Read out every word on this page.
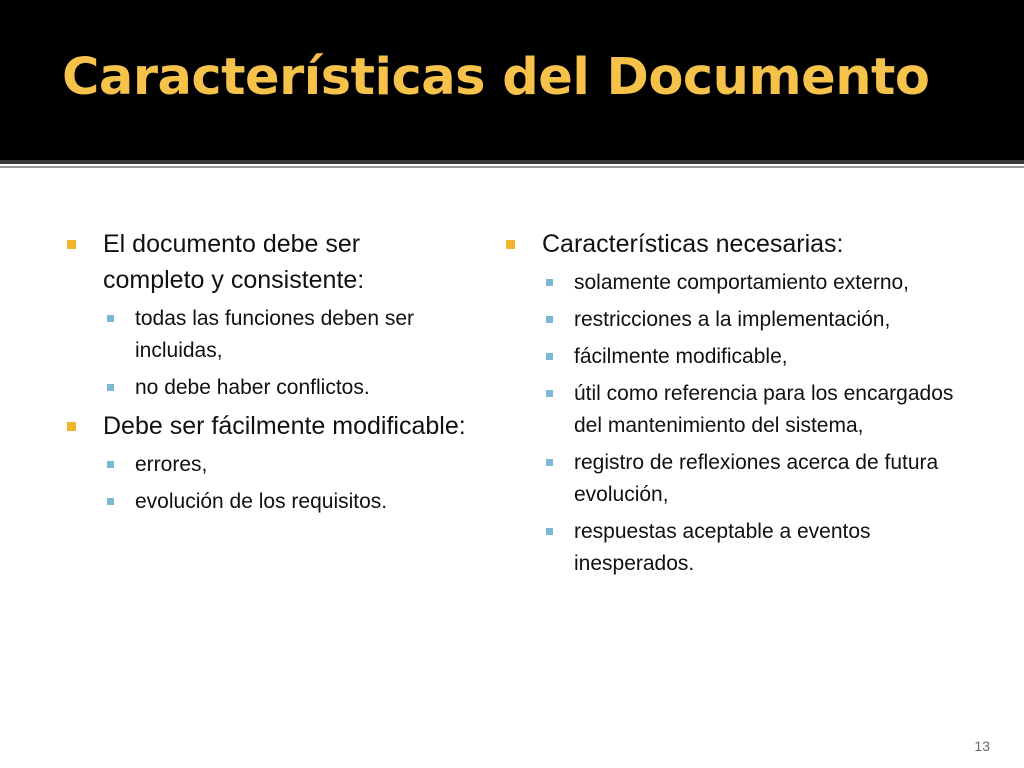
Características del Documento
El documento debe ser completo y consistente:
todas las funciones deben ser incluidas,
no debe haber conflictos.
Debe ser fácilmente modificable:
errores,
evolución de los requisitos.
Características necesarias:
solamente comportamiento externo,
restricciones a la implementación,
fácilmente modificable,
útil como referencia para los encargados del mantenimiento del sistema,
registro de reflexiones acerca de futura evolución,
respuestas aceptable a eventos inesperados.
13
